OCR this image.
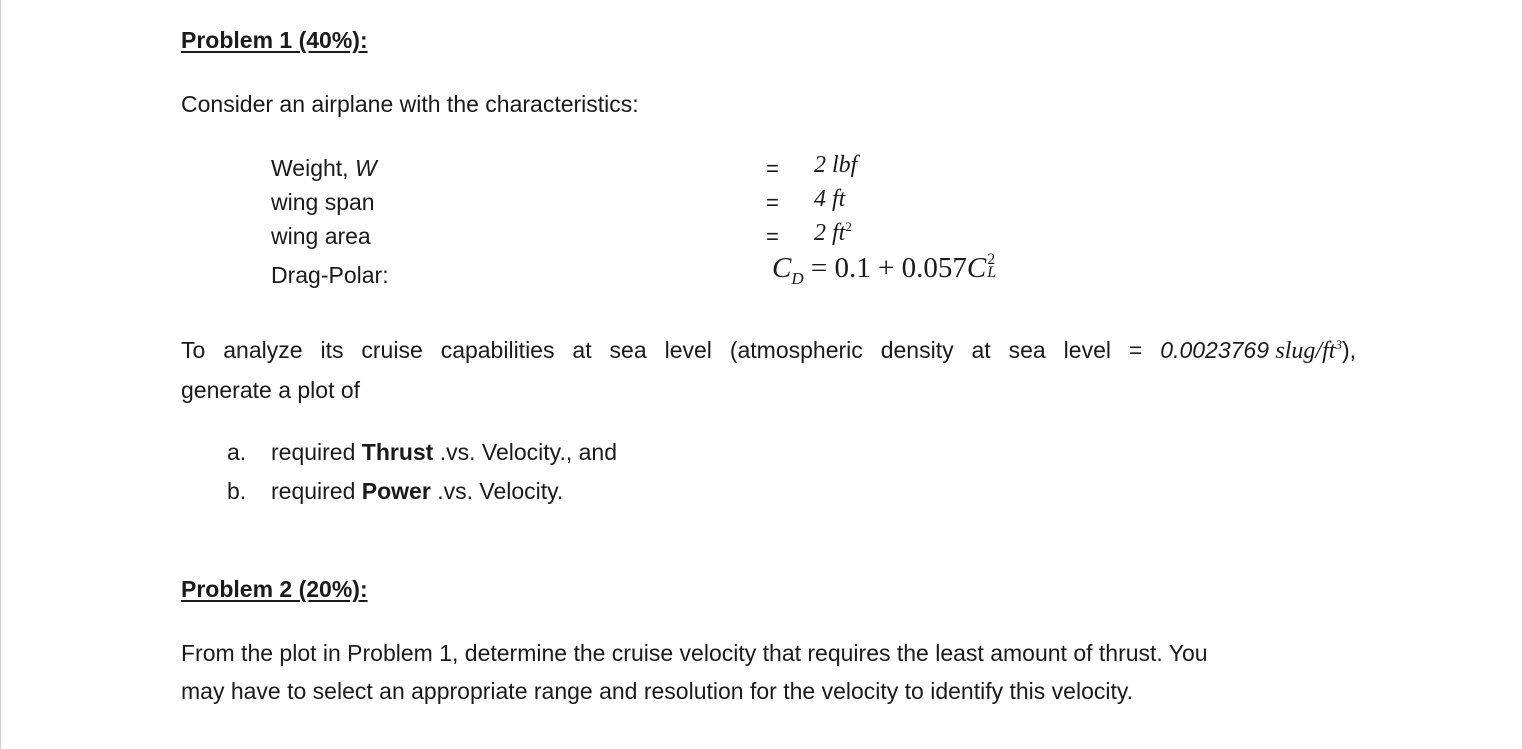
Problem 1 (40%):
Consider an airplane with the characteristics:
Weight, W
wing span
wing area
Drag-Polar:
=
=
=
2 lbf
4 ft
2 $ft^2$
$C_D = 0.1 + 0.057C$ 2
L
To analyze its cruise capabilities at sea level (atmospheric density at sea level = 0.0023769 slug/$ft^3$),
generate a plot of
a. required Thrust .vs. Velocity., and
b. required Power .vs. Velocity.
Problem 2 (20%):
From the plot in Problem 1, determine the cruise velocity that requires the least amount of thrust. You
may have to select an appropriate range and resolution for the velocity to identify this velocity.
